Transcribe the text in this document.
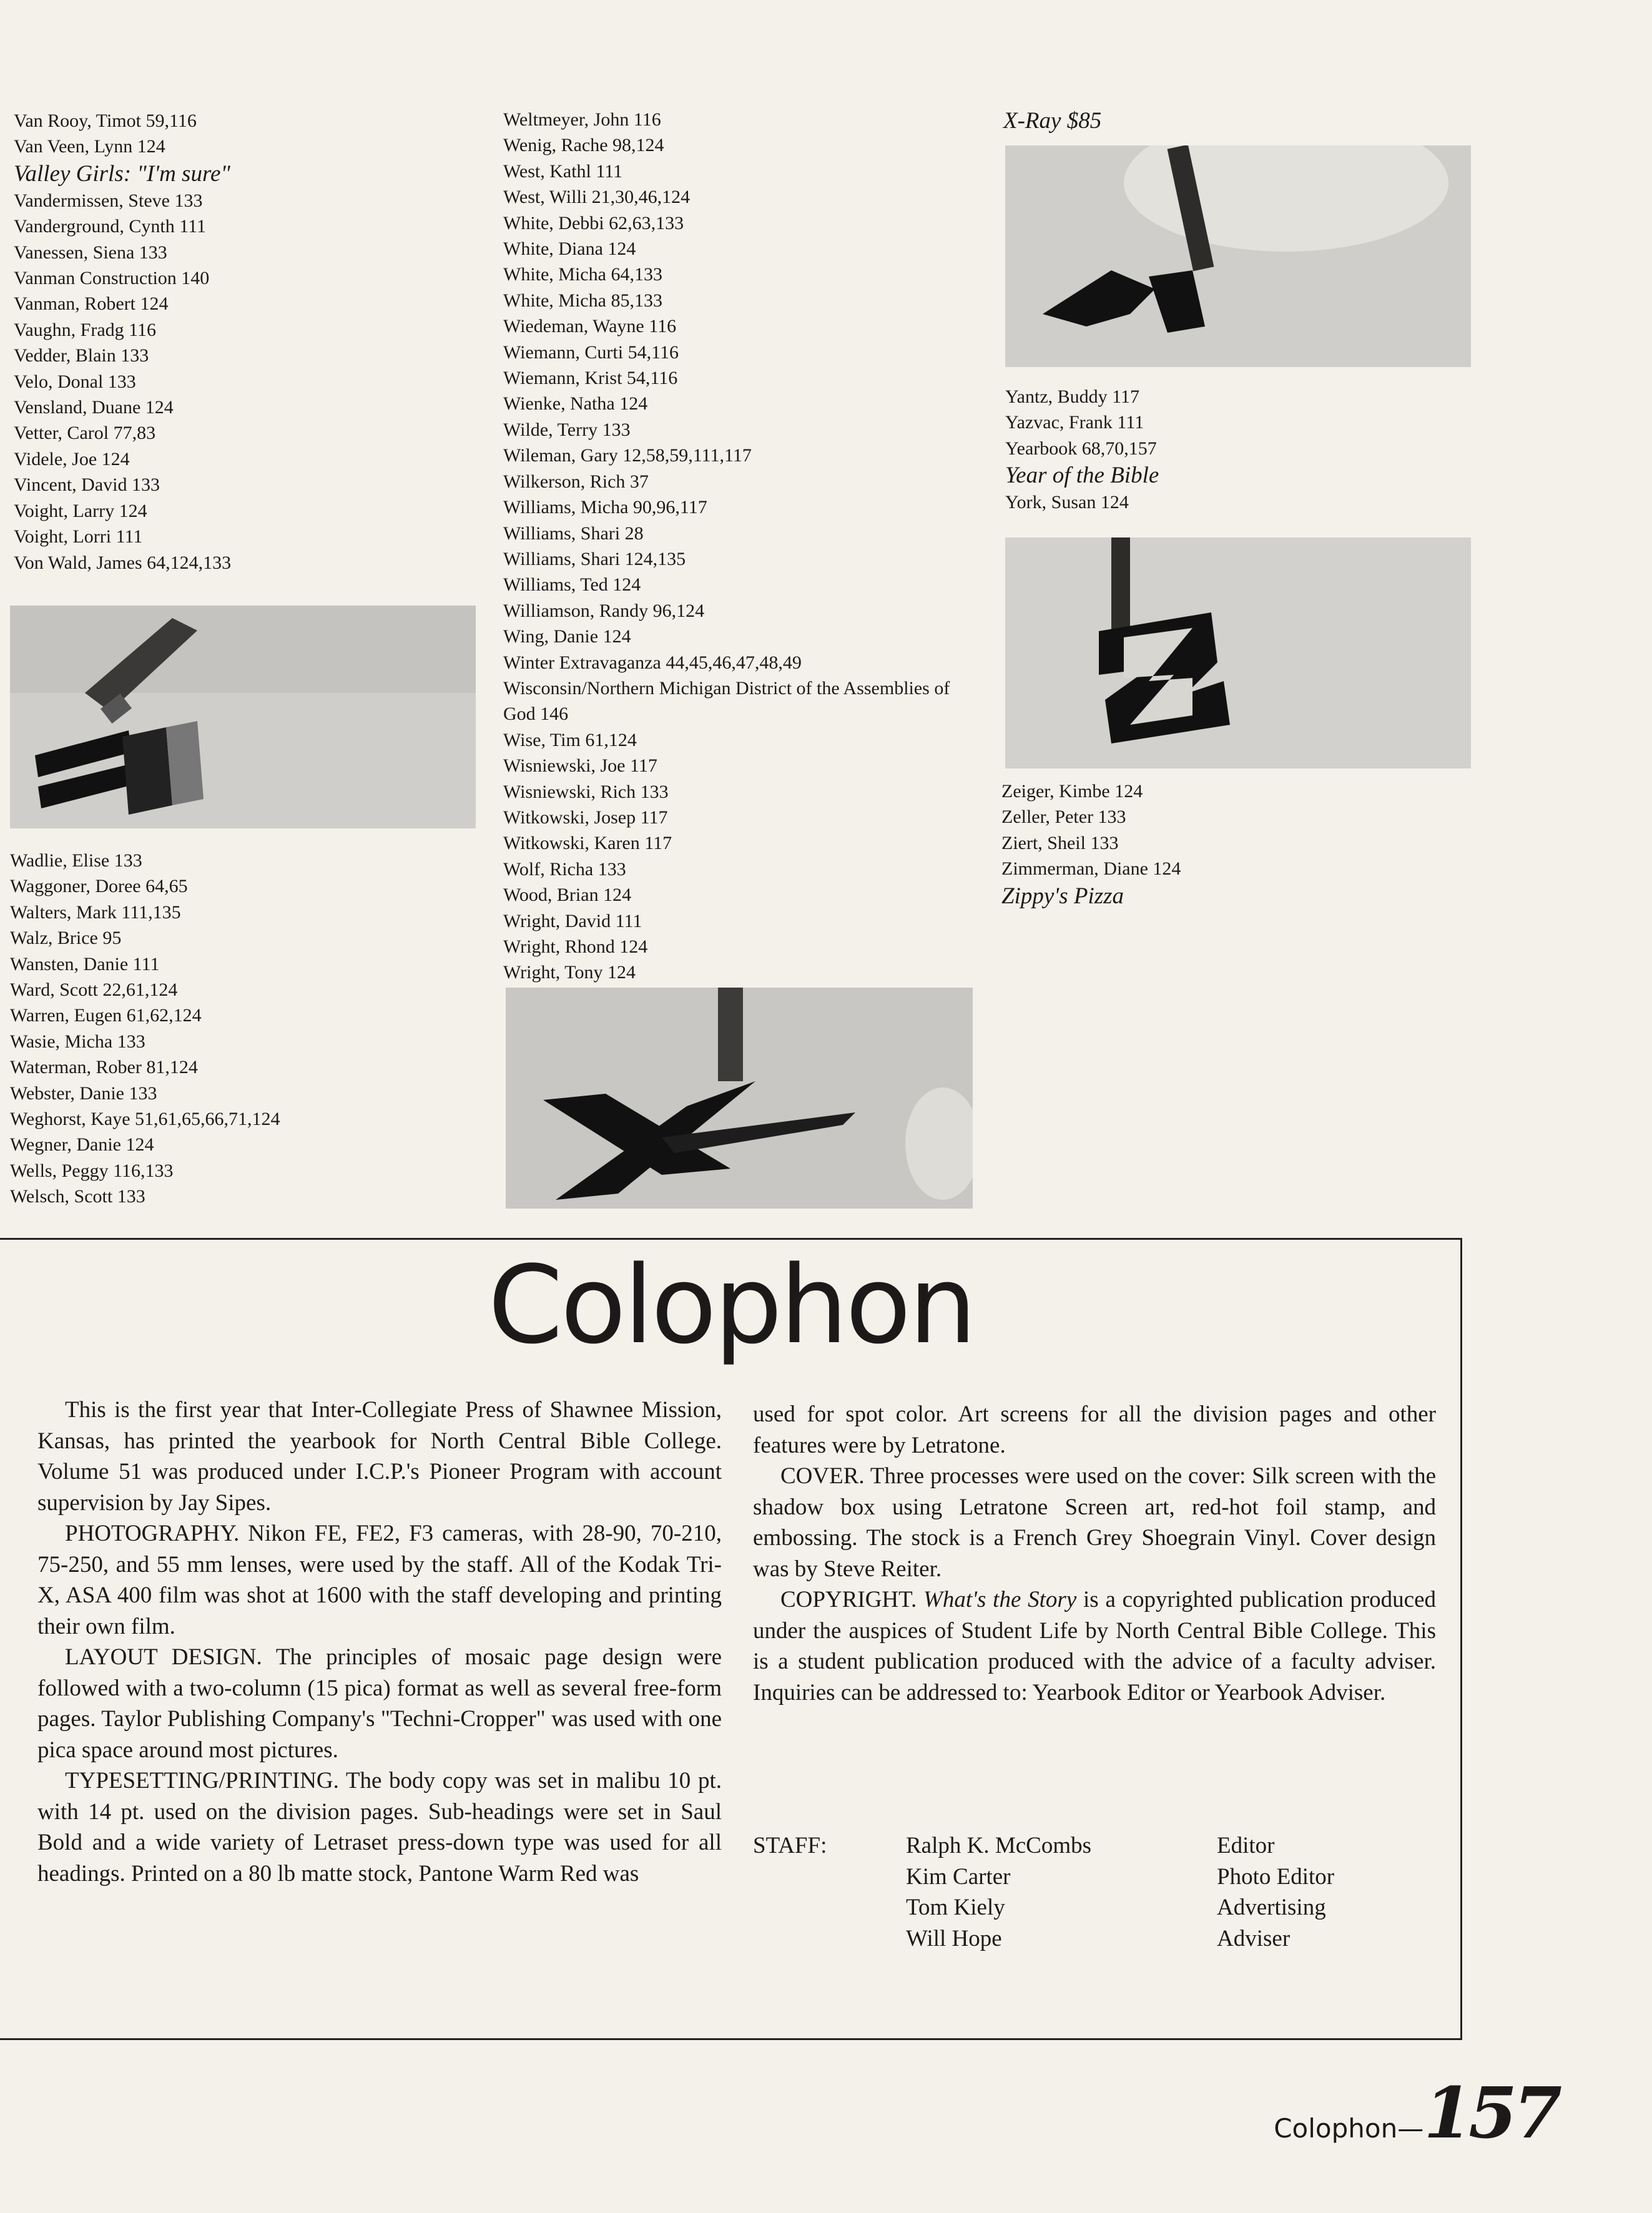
Van Rooy, Timot 59,116
Van Veen, Lynn 124
Valley Girls: "I'm sure"
Vandermissen, Steve 133
Vanderground, Cynth 111
Vanessen, Siena 133
Vanman Construction 140
Vanman, Robert 124
Vaughn, Fradg 116
Vedder, Blain 133
Velo, Donal 133
Vensland, Duane 124
Vetter, Carol 77,83
Videle, Joe 124
Vincent, David 133
Voight, Larry 124
Voight, Lorri 111
Von Wald, James 64,124,133
Wadlie, Elise 133
Waggoner, Doree 64,65
Walters, Mark 111,135
Walz, Brice 95
Wansten, Danie 111
Ward, Scott 22,61,124
Warren, Eugen 61,62,124
Wasie, Micha 133
Waterman, Rober 81,124
Webster, Danie 133
Weghorst, Kaye 51,61,65,66,71,124
Wegner, Danie 124
Wells, Peggy 116,133
Welsch, Scott 133
Weltmeyer, John 116
Wenig, Rache 98,124
West, Kathl 111
West, Willi 21,30,46,124
White, Debbi 62,63,133
White, Diana 124
White, Micha 64,133
White, Micha 85,133
Wiedeman, Wayne 116
Wiemann, Curti 54,116
Wiemann, Krist 54,116
Wienke, Natha 124
Wilde, Terry 133
Wileman, Gary 12,58,59,111,117
Wilkerson, Rich 37
Williams, Micha 90,96,117
Williams, Shari 28
Williams, Shari 124,135
Williams, Ted 124
Williamson, Randy 96,124
Wing, Danie 124
Winter Extravaganza 44,45,46,47,48,49
Wisconsin/Northern Michigan District of the Assemblies of God 146
Wise, Tim 61,124
Wisniewski, Joe 117
Wisniewski, Rich 133
Witkowski, Josep 117
Witkowski, Karen 117
Wolf, Richa 133
Wood, Brian 124
Wright, David 111
Wright, Rhond 124
Wright, Tony 124
X-Ray $85
Yantz, Buddy 117
Yazvac, Frank 111
Yearbook 68,70,157
Year of the Bible
York, Susan 124
Zeiger, Kimbe 124
Zeller, Peter 133
Ziert, Sheil 133
Zimmerman, Diane 124
Zippy's Pizza
Colophon

This is the first year that Inter-Collegiate Press of Shawnee Mission, Kansas, has printed the yearbook for North Central Bible College. Volume 51 was produced under I.C.P.'s Pioneer Program with account supervision by Jay Sipes.

PHOTOGRAPHY. Nikon FE, FE2, F3 cameras, with 28-90, 70-210, 75-250, and 55 mm lenses, were used by the staff. All of the Kodak Tri-X, ASA 400 film was shot at 1600 with the staff developing and printing their own film.

LAYOUT DESIGN. The principles of mosaic page design were followed with a two-column (15 pica) format as well as several free-form pages. Taylor Publishing Company's "Techni-Cropper" was used with one pica space around most pictures.

TYPESETTING/PRINTING. The body copy was set in malibu 10 pt. with 14 pt. used on the division pages. Sub-headings were set in Saul Bold and a wide variety of Letraset press-down type was used for all headings. Printed on a 80 lb matte stock, Pantone Warm Red was

used for spot color. Art screens for all the division pages and other features were by Letratone.

COVER. Three processes were used on the cover: Silk screen with the shadow box using Letratone Screen art, red-hot foil stamp, and embossing. The stock is a French Grey Shoegrain Vinyl. Cover design was by Steve Reiter.

COPYRIGHT. What's the Story is a copyrighted publication produced under the auspices of Student Life by North Central Bible College. This is a student publication produced with the advice of a faculty adviser. Inquiries can be addressed to: Yearbook Editor or Yearbook Adviser.

STAFF:	Ralph K. McCombs
Kim Carter
Tom Kiely
Will Hope
Editor
Photo Editor
Advertising
Adviser
Colophon—157
